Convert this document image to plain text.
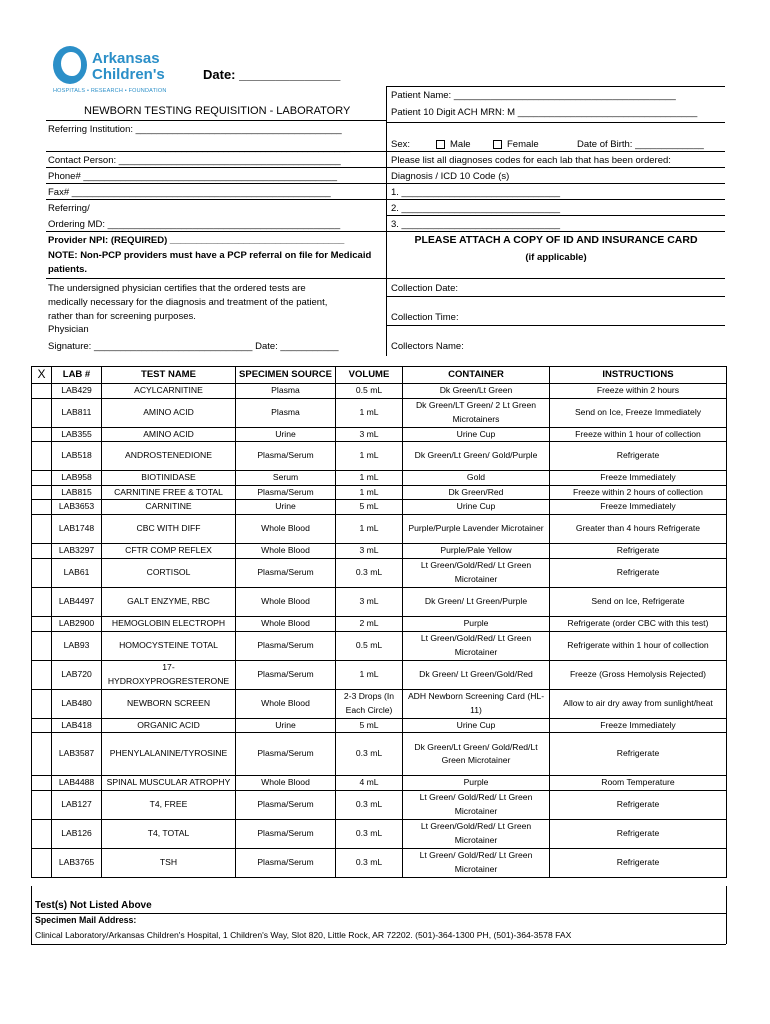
Arkansas
Children's
HOSPITALS • RESEARCH • FOUNDATION
Date: ______________
NEWBORN TESTING REQUISITION - LABORATORY
Referring Institution: _______________________________________
____________________________________
Contact Person: __________________________________________
Phone# ________________________________________________
Fax# _________________________________________________
Referring/
Ordering MD: ____________________________________________
Provider NPI: (REQUIRED) _________________________________
NOTE: Non-PCP providers must have a PCP referral on file for Medicaid
patients.
The undersigned physician certifies that the ordered tests are
medically necessary for the diagnosis and treatment of the patient,
rather than for screening purposes.
Physician
Signature: ______________________________ Date: ___________
Patient Name: __________________________________________
Patient 10 Digit ACH MRN: M __________________________________
Sex:	Male	Female	Date of Birth: _____________
Please list all diagnoses codes for each lab that has been ordered:
Diagnosis / ICD 10 Code (s)
1. ______________________________
2. ______________________________
3. ______________________________
PLEASE ATTACH A COPY OF ID AND INSURANCE CARD
(if applicable)
Collection Date:
Collection Time:
Collectors Name:
X	LAB #	TEST NAME	SPECIMEN SOURCE	VOLUME	CONTAINER	INSTRUCTIONS
	LAB429	ACYLCARNITINE	Plasma	0.5 mL	Dk Green/Lt Green	Freeze within 2 hours
	LAB811	AMINO ACID	Plasma	1 mL	Dk Green/LT Green/ 2 Lt Green Microtainers	Send on Ice, Freeze Immediately
	LAB355	AMINO ACID	Urine	3 mL	Urine Cup	Freeze within 1 hour of collection
	LAB518	ANDROSTENEDIONE	Plasma/Serum	1 mL	Dk Green/Lt Green/ Gold/Purple	Refrigerate
	LAB958	BIOTINIDASE	Serum	1 mL	Gold	Freeze Immediately
	LAB815	CARNITINE FREE & TOTAL	Plasma/Serum	1 mL	Dk Green/Red	Freeze within 2 hours of collection
	LAB3653	CARNITINE	Urine	5 mL	Urine Cup	Freeze Immediately
	LAB1748	CBC WITH DIFF	Whole Blood	1 mL	Purple/Purple Lavender Microtainer	Greater than 4 hours Refrigerate
	LAB3297	CFTR COMP REFLEX	Whole Blood	3 mL	Purple/Pale Yellow	Refrigerate
	LAB61	CORTISOL	Plasma/Serum	0.3 mL	Lt Green/Gold/Red/ Lt Green Microtainer	Refrigerate
	LAB4497	GALT ENZYME, RBC	Whole Blood	3 mL	Dk Green/ Lt Green/Purple	Send on Ice, Refrigerate
	LAB2900	HEMOGLOBIN ELECTROPH	Whole Blood	2 mL	Purple	Refrigerate (order CBC with this test)
	LAB93	HOMOCYSTEINE TOTAL	Plasma/Serum	0.5 mL	Lt Green/Gold/Red/ Lt Green Microtainer	Refrigerate within 1 hour of collection
	LAB720	17-HYDROXYPROGRESTERONE	Plasma/Serum	1 mL	Dk Green/ Lt Green/Gold/Red	Freeze (Gross Hemolysis Rejected)
	LAB480	NEWBORN SCREEN	Whole Blood	2-3 Drops (In Each Circle)	ADH Newborn Screening Card (HL-11)	Allow to air dry away from sunlight/heat
	LAB418	ORGANIC ACID	Urine	5 mL	Urine Cup	Freeze Immediately
	LAB3587	PHENYLALANINE/TYROSINE	Plasma/Serum	0.3 mL	Dk Green/Lt Green/ Gold/Red/Lt Green Microtainer	Refrigerate
	LAB4488	SPINAL MUSCULAR ATROPHY	Whole Blood	4 mL	Purple	Room Temperature
	LAB127	T4, FREE	Plasma/Serum	0.3 mL	Lt Green/ Gold/Red/ Lt Green Microtainer	Refrigerate
	LAB126	T4, TOTAL	Plasma/Serum	0.3 mL	Lt Green/Gold/Red/ Lt Green Microtainer	Refrigerate
	LAB3765	TSH	Plasma/Serum	0.3 mL	Lt Green/ Gold/Red/ Lt Green Microtainer	Refrigerate
Test(s) Not Listed Above
Specimen Mail Address:
Clinical Laboratory/Arkansas Children's Hospital, 1 Children's Way, Slot 820, Little Rock, AR 72202. (501)-364-1300 PH, (501)-364-3578 FAX
